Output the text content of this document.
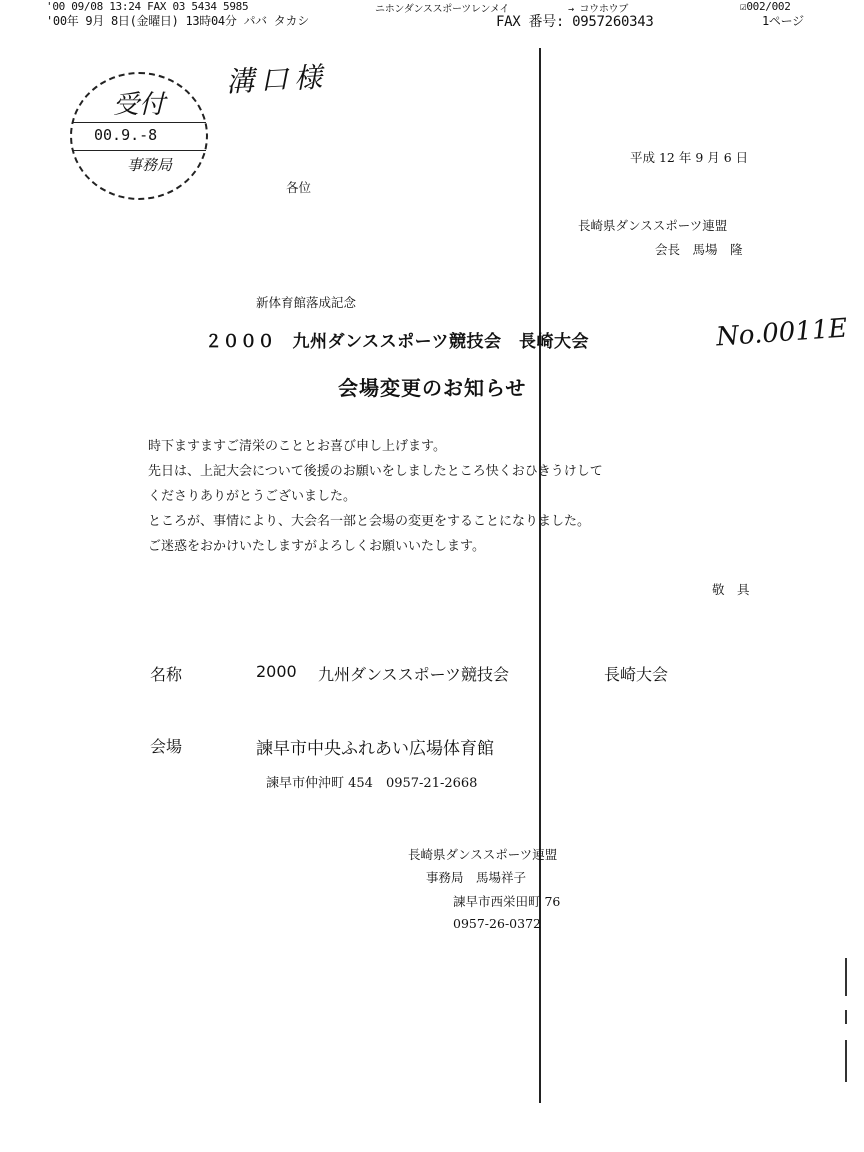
'00 09/08 13:24 FAX 03 5434 5985	ニホンダンススポーツレンメイ	→ コウホウブ	☑002/002
'00年 9月 8日(金曜日) 13時04分 パバ タカシ	FAX 番号: 0957260343	1ページ
溝口様
受付
00.9.-8
事務局	平成 12 年 9 月 6 日
各位
長崎県ダンススポーツ連盟
会長　馬場　隆
新体育館落成記念
２０００　九州ダンススポーツ競技会　長崎大会	No.0011E
会場変更のお知らせ
時下ますますご清栄のこととお喜び申し上げます。
先日は、上記大会について後援のお願いをしましたところ快くおひきうけして
くださりありがとうございました。
ところが、事情により、大会名一部と会場の変更をすることになりました。
ご迷惑をおかけいたしますがよろしくお願いいたします。
敬　具
名称	2000 九州ダンススポーツ競技会	長崎大会
会場	諫早市中央ふれあい広場体育館
諫早市仲沖町 454　0957-21-2668
長崎県ダンススポーツ連盟
事務局　馬場祥子
諫早市西栄田町 76
0957-26-0372
